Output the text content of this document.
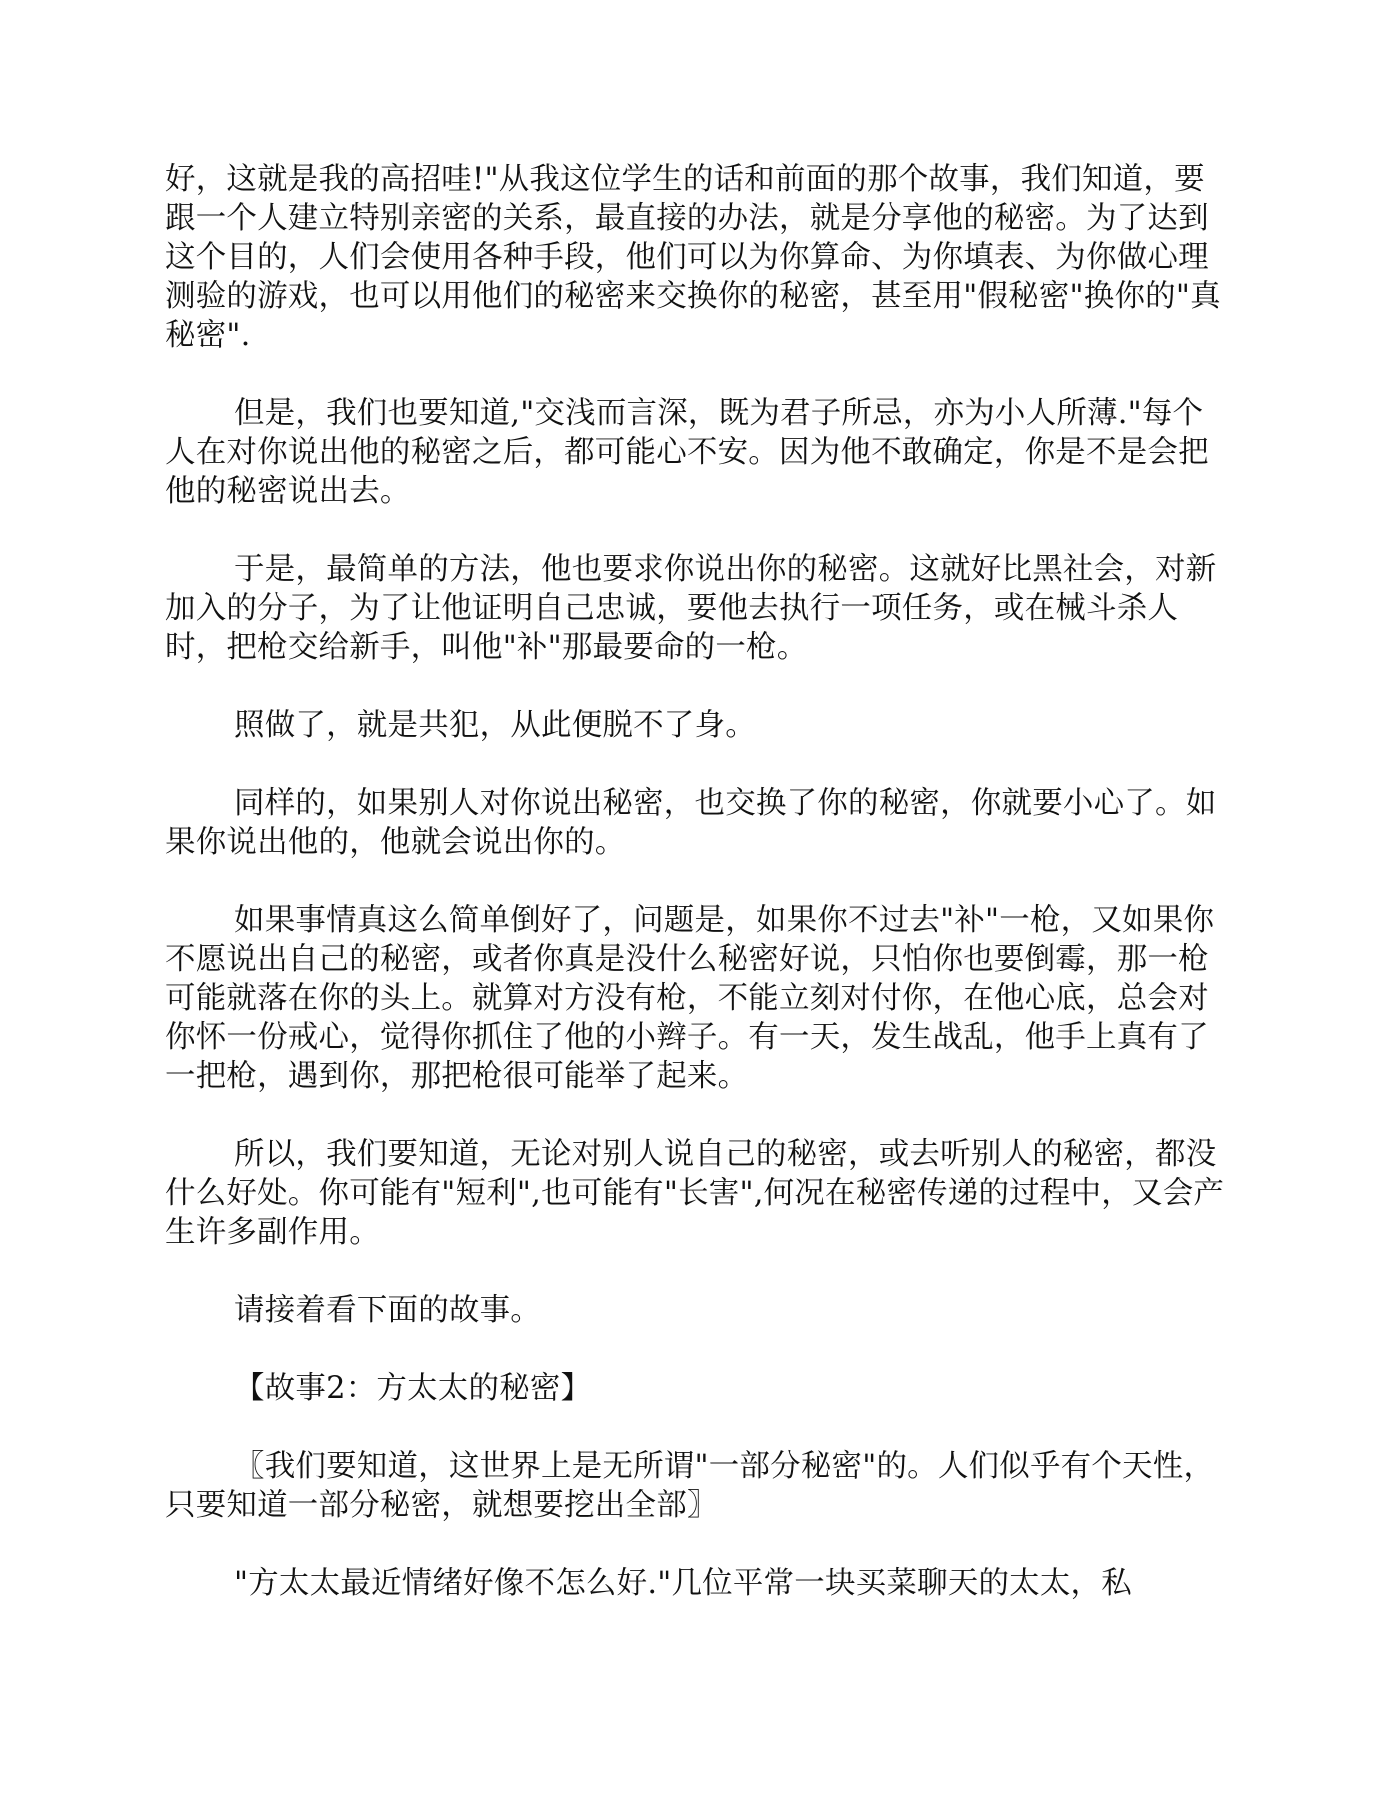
好，这就是我的高招哇!"从我这位学生的话和前面的那个故事，我们知道，要跟一个人建立特别亲密的关系，最直接的办法，就是分享他的秘密。为了达到这个目的，人们会使用各种手段，他们可以为你算命、为你填表、为你做心理测验的游戏，也可以用他们的秘密来交换你的秘密，甚至用"假秘密"换你的"真秘密".

但是，我们也要知道,"交浅而言深，既为君子所忌，亦为小人所薄."每个人在对你说出他的秘密之后，都可能心不安。因为他不敢确定，你是不是会把他的秘密说出去。

于是，最简单的方法，他也要求你说出你的秘密。这就好比黑社会，对新加入的分子，为了让他证明自己忠诚，要他去执行一项任务，或在械斗杀人时，把枪交给新手，叫他"补"那最要命的一枪。

照做了，就是共犯，从此便脱不了身。

同样的，如果别人对你说出秘密，也交换了你的秘密，你就要小心了。如果你说出他的，他就会说出你的。

如果事情真这么简单倒好了，问题是，如果你不过去"补"一枪，又如果你不愿说出自己的秘密，或者你真是没什么秘密好说，只怕你也要倒霉，那一枪可能就落在你的头上。就算对方没有枪，不能立刻对付你，在他心底，总会对你怀一份戒心，觉得你抓住了他的小辫子。有一天，发生战乱，他手上真有了一把枪，遇到你，那把枪很可能举了起来。

所以，我们要知道，无论对别人说自己的秘密，或去听别人的秘密，都没什么好处。你可能有"短利",也可能有"长害",何况在秘密传递的过程中，又会产生许多副作用。

请接着看下面的故事。

【故事2：方太太的秘密】

〖我们要知道，这世界上是无所谓"一部分秘密"的。人们似乎有个天性，只要知道一部分秘密，就想要挖出全部〗

"方太太最近情绪好像不怎么好."几位平常一块买菜聊天的太太，私
